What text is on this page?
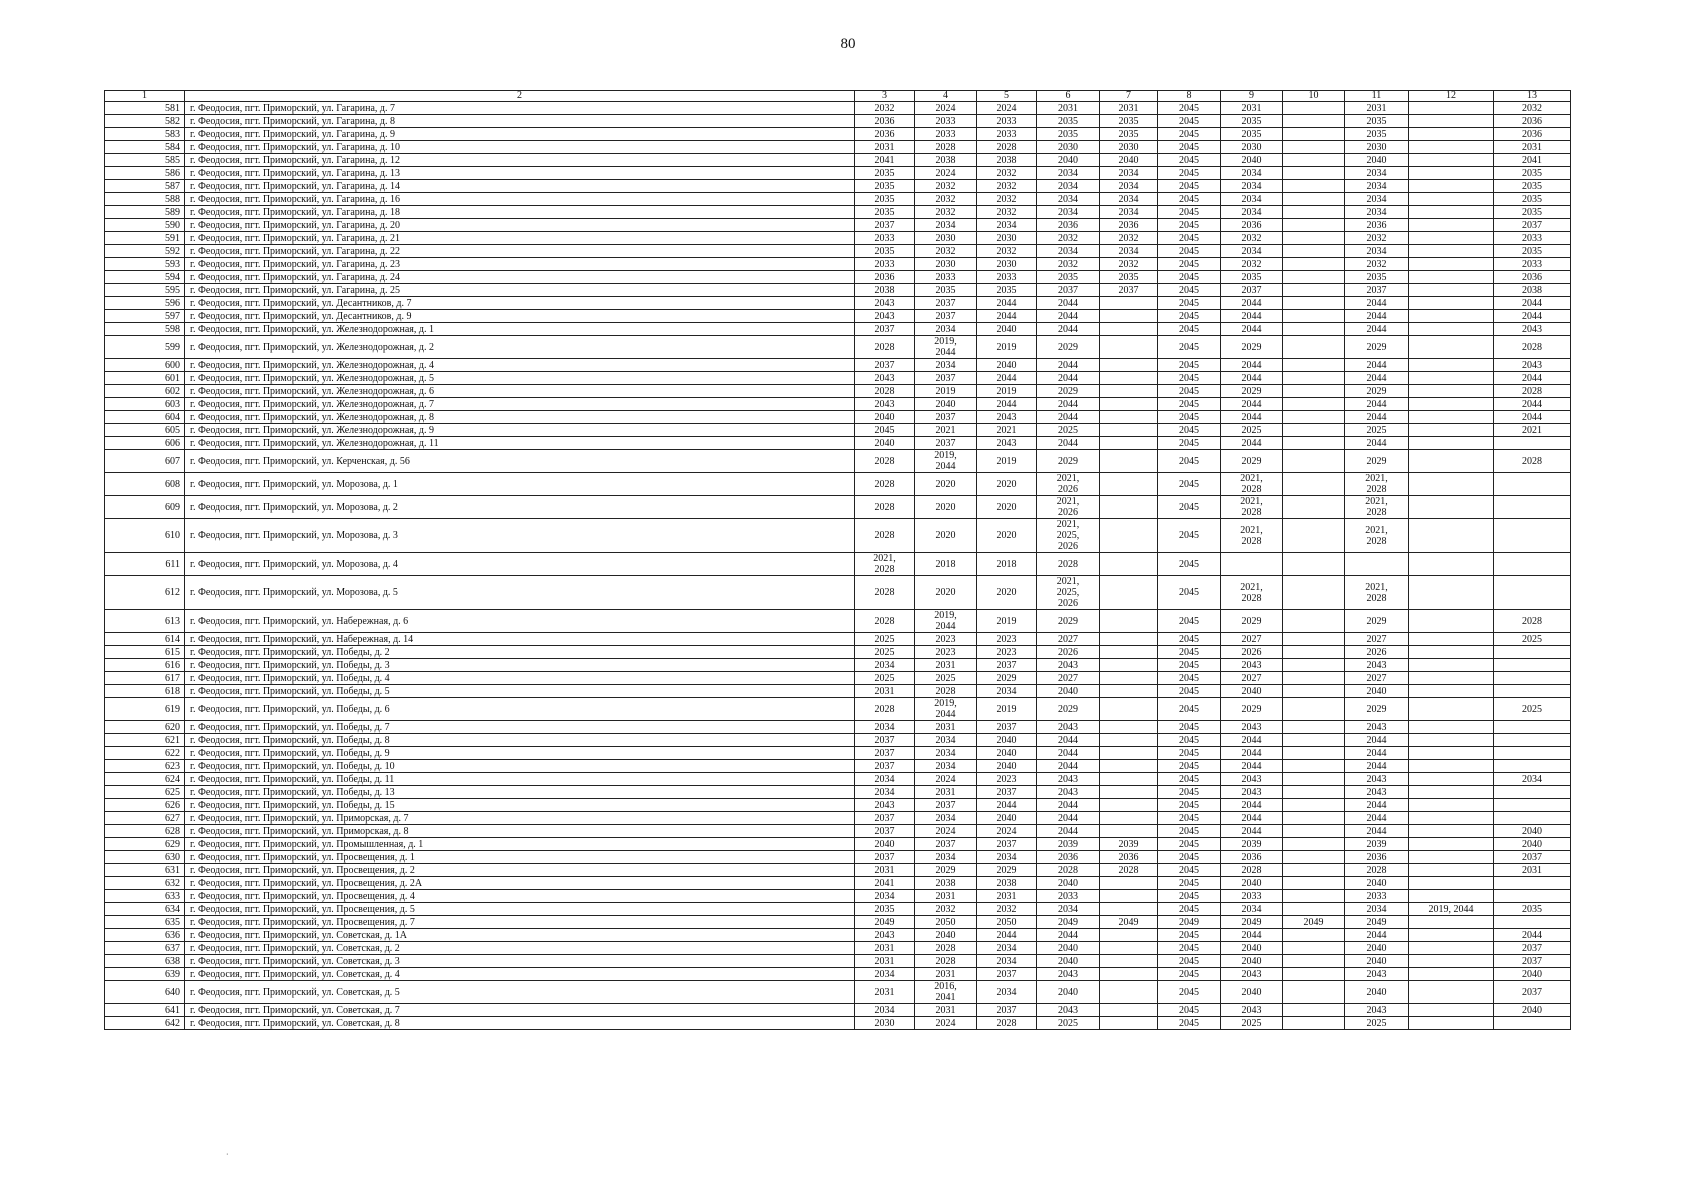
80
1	2	3	4	5	6	7	8	9	10	11	12	13
581	г. Феодосия, пгт. Приморский, ул. Гагарина, д. 7	2032	2024	2024	2031	2031	2045	2031		2031		2032
582	г. Феодосия, пгт. Приморский, ул. Гагарина, д. 8	2036	2033	2033	2035	2035	2045	2035		2035		2036
583	г. Феодосия, пгт. Приморский, ул. Гагарина, д. 9	2036	2033	2033	2035	2035	2045	2035		2035		2036
584	г. Феодосия, пгт. Приморский, ул. Гагарина, д. 10	2031	2028	2028	2030	2030	2045	2030		2030		2031
585	г. Феодосия, пгт. Приморский, ул. Гагарина, д. 12	2041	2038	2038	2040	2040	2045	2040		2040		2041
586	г. Феодосия, пгт. Приморский, ул. Гагарина, д. 13	2035	2024	2032	2034	2034	2045	2034		2034		2035
587	г. Феодосия, пгт. Приморский, ул. Гагарина, д. 14	2035	2032	2032	2034	2034	2045	2034		2034		2035
588	г. Феодосия, пгт. Приморский, ул. Гагарина, д. 16	2035	2032	2032	2034	2034	2045	2034		2034		2035
589	г. Феодосия, пгт. Приморский, ул. Гагарина, д. 18	2035	2032	2032	2034	2034	2045	2034		2034		2035
590	г. Феодосия, пгт. Приморский, ул. Гагарина, д. 20	2037	2034	2034	2036	2036	2045	2036		2036		2037
591	г. Феодосия, пгт. Приморский, ул. Гагарина, д. 21	2033	2030	2030	2032	2032	2045	2032		2032		2033
592	г. Феодосия, пгт. Приморский, ул. Гагарина, д. 22	2035	2032	2032	2034	2034	2045	2034		2034		2035
593	г. Феодосия, пгт. Приморский, ул. Гагарина, д. 23	2033	2030	2030	2032	2032	2045	2032		2032		2033
594	г. Феодосия, пгт. Приморский, ул. Гагарина, д. 24	2036	2033	2033	2035	2035	2045	2035		2035		2036
595	г. Феодосия, пгт. Приморский, ул. Гагарина, д. 25	2038	2035	2035	2037	2037	2045	2037		2037		2038
596	г. Феодосия, пгт. Приморский, ул. Десантников, д. 7	2043	2037	2044	2044		2045	2044		2044		2044
597	г. Феодосия, пгт. Приморский, ул. Десантников, д. 9	2043	2037	2044	2044		2045	2044		2044		2044
598	г. Феодосия, пгт. Приморский, ул. Железнодорожная, д. 1	2037	2034	2040	2044		2045	2044		2044		2043
599	г. Феодосия, пгт. Приморский, ул. Железнодорожная, д. 2	2028	2019,
2044	2019	2029		2045	2029		2029		2028
600	г. Феодосия, пгт. Приморский, ул. Железнодорожная, д. 4	2037	2034	2040	2044		2045	2044		2044		2043
601	г. Феодосия, пгт. Приморский, ул. Железнодорожная, д. 5	2043	2037	2044	2044		2045	2044		2044		2044
602	г. Феодосия, пгт. Приморский, ул. Железнодорожная, д. 6	2028	2019	2019	2029		2045	2029		2029		2028
603	г. Феодосия, пгт. Приморский, ул. Железнодорожная, д. 7	2043	2040	2044	2044		2045	2044		2044		2044
604	г. Феодосия, пгт. Приморский, ул. Железнодорожная, д. 8	2040	2037	2043	2044		2045	2044		2044		2044
605	г. Феодосия, пгт. Приморский, ул. Железнодорожная, д. 9	2045	2021	2021	2025		2045	2025		2025		2021
606	г. Феодосия, пгт. Приморский, ул. Железнодорожная, д. 11	2040	2037	2043	2044		2045	2044		2044		
607	г. Феодосия, пгт. Приморский, ул. Керченская, д. 56	2028	2019,
2044	2019	2029		2045	2029		2029		2028
608	г. Феодосия, пгт. Приморский, ул. Морозова, д. 1	2028	2020	2020	2021,
2026		2045	2021,
2028		2021,
2028		
609	г. Феодосия, пгт. Приморский, ул. Морозова, д. 2	2028	2020	2020	2021,
2026		2045	2021,
2028		2021,
2028		
610	г. Феодосия, пгт. Приморский, ул. Морозова, д. 3	2028	2020	2020	2021,
2025,
2026		2045	2021,
2028		2021,
2028		
611	г. Феодосия, пгт. Приморский, ул. Морозова, д. 4	2021,
2028	2018	2018	2028		2045					
612	г. Феодосия, пгт. Приморский, ул. Морозова, д. 5	2028	2020	2020	2021,
2025,
2026		2045	2021,
2028		2021,
2028		
613	г. Феодосия, пгт. Приморский, ул. Набережная, д. 6	2028	2019,
2044	2019	2029		2045	2029		2029		2028
614	г. Феодосия, пгт. Приморский, ул. Набережная, д. 14	2025	2023	2023	2027		2045	2027		2027		2025
615	г. Феодосия, пгт. Приморский, ул. Победы, д. 2	2025	2023	2023	2026		2045	2026		2026		
616	г. Феодосия, пгт. Приморский, ул. Победы, д. 3	2034	2031	2037	2043		2045	2043		2043		
617	г. Феодосия, пгт. Приморский, ул. Победы, д. 4	2025	2025	2029	2027		2045	2027		2027		
618	г. Феодосия, пгт. Приморский, ул. Победы, д. 5	2031	2028	2034	2040		2045	2040		2040		
619	г. Феодосия, пгт. Приморский, ул. Победы, д. 6	2028	2019,
2044	2019	2029		2045	2029		2029		2025
620	г. Феодосия, пгт. Приморский, ул. Победы, д. 7	2034	2031	2037	2043		2045	2043		2043		
621	г. Феодосия, пгт. Приморский, ул. Победы, д. 8	2037	2034	2040	2044		2045	2044		2044		
622	г. Феодосия, пгт. Приморский, ул. Победы, д. 9	2037	2034	2040	2044		2045	2044		2044		
623	г. Феодосия, пгт. Приморский, ул. Победы, д. 10	2037	2034	2040	2044		2045	2044		2044		
624	г. Феодосия, пгт. Приморский, ул. Победы, д. 11	2034	2024	2023	2043		2045	2043		2043		2034
625	г. Феодосия, пгт. Приморский, ул. Победы, д. 13	2034	2031	2037	2043		2045	2043		2043		
626	г. Феодосия, пгт. Приморский, ул. Победы, д. 15	2043	2037	2044	2044		2045	2044		2044		
627	г. Феодосия, пгт. Приморский, ул. Приморская, д. 7	2037	2034	2040	2044		2045	2044		2044		
628	г. Феодосия, пгт. Приморский, ул. Приморская, д. 8	2037	2024	2024	2044		2045	2044		2044		2040
629	г. Феодосия, пгт. Приморский, ул. Промышленная, д. 1	2040	2037	2037	2039	2039	2045	2039		2039		2040
630	г. Феодосия, пгт. Приморский, ул. Просвещения, д. 1	2037	2034	2034	2036	2036	2045	2036		2036		2037
631	г. Феодосия, пгт. Приморский, ул. Просвещения, д. 2	2031	2029	2029	2028	2028	2045	2028		2028		2031
632	г. Феодосия, пгт. Приморский, ул. Просвещения, д. 2А	2041	2038	2038	2040		2045	2040		2040		
633	г. Феодосия, пгт. Приморский, ул. Просвещения, д. 4	2034	2031	2031	2033		2045	2033		2033		
634	г. Феодосия, пгт. Приморский, ул. Просвещения, д. 5	2035	2032	2032	2034		2045	2034		2034	2019, 2044	2035
635	г. Феодосия, пгт. Приморский, ул. Просвещения, д. 7	2049	2050	2050	2049	2049	2049	2049	2049	2049		
636	г. Феодосия, пгт. Приморский, ул. Советская, д. 1А	2043	2040	2044	2044		2045	2044		2044		2044
637	г. Феодосия, пгт. Приморский, ул. Советская, д. 2	2031	2028	2034	2040		2045	2040		2040		2037
638	г. Феодосия, пгт. Приморский, ул. Советская, д. 3	2031	2028	2034	2040		2045	2040		2040		2037
639	г. Феодосия, пгт. Приморский, ул. Советская, д. 4	2034	2031	2037	2043		2045	2043		2043		2040
640	г. Феодосия, пгт. Приморский, ул. Советская, д. 5	2031	2016,
2041	2034	2040		2045	2040		2040		2037
641	г. Феодосия, пгт. Приморский, ул. Советская, д. 7	2034	2031	2037	2043		2045	2043		2043		2040
642	г. Феодосия, пгт. Приморский, ул. Советская, д. 8	2030	2024	2028	2025		2045	2025		2025		
‧
